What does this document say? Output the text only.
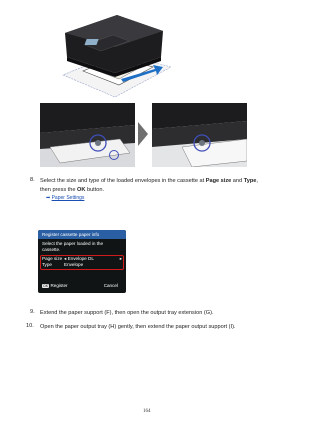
8. Select the size and type of the loaded envelopes in the cassette at Page size and Type,
then press the OK button.
➡ Paper Settings
Register cassette paper info
Select the paper loaded in the
cassette.
Page size ◂ Envelope DL	▸
Type	Envelope
OK Register	Cancel
9. Extend the paper support (F), then open the output tray extension (G).
10. Open the paper output tray (H) gently, then extend the paper output support (I).
164
